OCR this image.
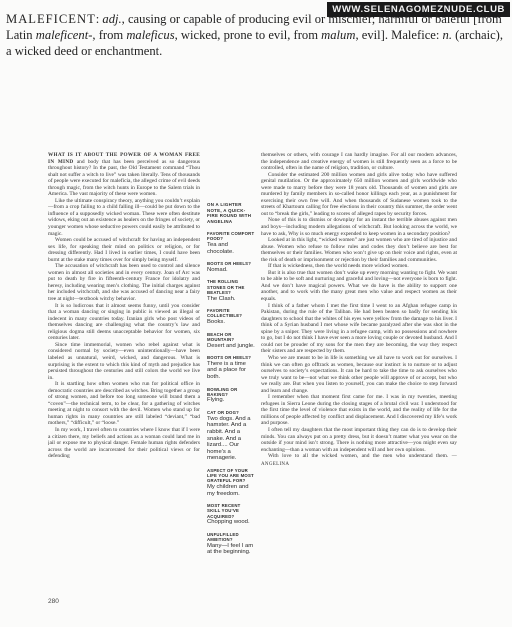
WWW.SELENAGOMEZNUDE.CLUB

MALEFICENT: adj., causing or capable of producing evil or mischief; harmful or baleful [from Latin maleficent-, from maleficus, wicked, prone to evil, from malum, evil]. Malefice: n. (archaic), a wicked deed or enchantment.

WHAT IS IT ABOUT THE POWER OF A WOMAN FREE IN MIND and body that has been perceived as so dangerous throughout history? In the past, the Old Testament command “Thou shalt not suffer a witch to live” was taken literally. Tens of thousands of people were executed for maleficia, the alleged crime of evil deeds through magic, from the witch hunts in Europe to the Salem trials in America. The vast majority of these were women.

Like the ultimate conspiracy theory, anything you couldn’t explain—from a crop failing to a child falling ill—could be put down to the influence of a supposedly wicked woman. These were often destitute widows, eking out an existence as healers on the fringes of society, or younger women whose seductive powers could easily be attributed to magic.

Women could be accused of witchcraft for having an independent sex life, for speaking their mind on politics or religion, or for dressing differently. Had I lived in earlier times, I could have been burnt at the stake many times over for simply being myself.

The accusation of witchcraft has been used to control and silence women in almost all societies and in every century. Joan of Arc was put to death by fire in fifteenth-century France for idolatry and heresy, including wearing men’s clothing. The initial charges against her included witchcraft, and she was accused of dancing near a fairy tree at night—textbook witchy behavior.

It is so ludicrous that it almost seems funny, until you consider that a woman dancing or singing in public is viewed as illegal or indecent in many countries today. Iranian girls who post videos of themselves dancing are challenging what the country’s law and religious dogma still deems unacceptable behavior for women, six centuries later.

Since time immemorial, women who rebel against what is considered normal by society—even unintentionally—have been labeled as unnatural, weird, wicked, and dangerous. What is surprising is the extent to which this kind of myth and prejudice has persisted throughout the centuries and still colors the world we live in.

It is startling how often women who run for political office in democratic countries are described as witches. Bring together a group of strong women, and before too long someone will brand them a “coven”—the technical term, to be clear, for a gathering of witches meeting at night to consort with the devil. Women who stand up for human rights in many countries are still labeled “deviant,” “bad mothers,” “difficult,” or “loose.”

In my work, I travel often to countries where I know that if I were a citizen there, my beliefs and actions as a woman could land me in jail or expose me to physical danger. Female human rights defenders across the world are incarcerated for their political views or for defending

ON A LIGHTER NOTE, A QUICK-FIRE ROUND WITH ANGELINA
FAVORITE COMFORT FOOD?
Tea and chocolate.
BOOTS OR HEELS?
Nomad.
THE ROLLING STONES OR THE BEATLES?
The Clash.
FAVORITE COLLECTIBLE?
Books.
BEACH OR MOUNTAIN?
Desert and jungle.
BOOTS OR HEELS?
There is a time and a place for both.
BOWLING OR BAKING?
Flying.
CAT OR DOG?
Two dogs. And a hamster. And a rabbit. And a snake. And a lizard.... Our home’s a menagerie.
ASPECT OF YOUR LIFE YOU ARE MOST GRATEFUL FOR?
My children and my freedom.
MOST RECENT SKILL YOU’VE ACQUIRED?
Chopping wood.
UNFULFILLED AMBITION?
Many—I feel I am at the beginning.

themselves or others, with courage I can hardly imagine. For all our modern advances, the independence and creative energy of women is still frequently seen as a force to be controlled, often in the name of religion, tradition, or culture.

Consider the estimated 200 million women and girls alive today who have suffered genital mutilation. Or the approximately 650 million women and girls worldwide who were made to marry before they were 18 years old. Thousands of women and girls are murdered by family members in so-called honor killings each year, as a punishment for exercising their own free will. And when thousands of Sudanese women took to the streets of Khartoum calling for free elections in their country this summer, the order went out to “break the girls,” leading to scores of alleged rapes by security forces.

None of this is to dismiss or downplay for an instant the terrible abuses against men and boys—including modern allegations of witchcraft. But looking across the world, we have to ask, Why is so much energy expended to keep women in a secondary position?

Looked at in this light, “wicked women” are just women who are tired of injustice and abuse. Women who refuse to follow rules and codes they don’t believe are best for themselves or their families. Women who won’t give up on their voice and rights, even at the risk of death or imprisonment or rejection by their families and communities.

If that is wickedness, then the world needs more wicked women.

But it is also true that women don’t wake up every morning wanting to fight. We want to be able to be soft and nurturing and graceful and loving—not everyone is born to fight. And we don’t have magical powers. What we do have is the ability to support one another, and to work with the many great men who value and respect women as their equals.

I think of a father whom I met the first time I went to an Afghan refugee camp in Pakistan, during the rule of the Taliban. He had been beaten so badly for sending his daughters to school that the whites of his eyes were yellow from the damage to his liver. I think of a Syrian husband I met whose wife became paralyzed after she was shot in the spine by a sniper. They were living in a refugee camp, with no possessions and nowhere to go, but I do not think I have ever seen a more loving couple or devoted husband. And I could not be prouder of my sons for the men they are becoming, the way they respect their sisters and are respected by them.

Who we are meant to be in life is something we all have to work out for ourselves. I think we can often go offtrack as women, because our instinct is to nurture or to adjust ourselves to society’s expectations. It can be hard to take the time to ask ourselves who we truly want to be—not what we think other people will approve of or accept, but who we really are. But when you listen to yourself, you can make the choice to step forward and learn and change.

I remember when that moment first came for me. I was in my twenties, meeting refugees in Sierra Leone during the closing stages of a brutal civil war. I understood for the first time the level of violence that exists in the world, and the reality of life for the millions of people affected by conflict and displacement. And I discovered my life’s work and purpose.

I often tell my daughters that the most important thing they can do is to develop their minds. You can always put on a pretty dress, but it doesn’t matter what you wear on the outside if your mind isn’t strong. There is nothing more attractive—you might even say enchanting—than a woman with an independent will and her own opinions.

With love to all the wicked women, and the men who understand them. —ANGELINA

280
